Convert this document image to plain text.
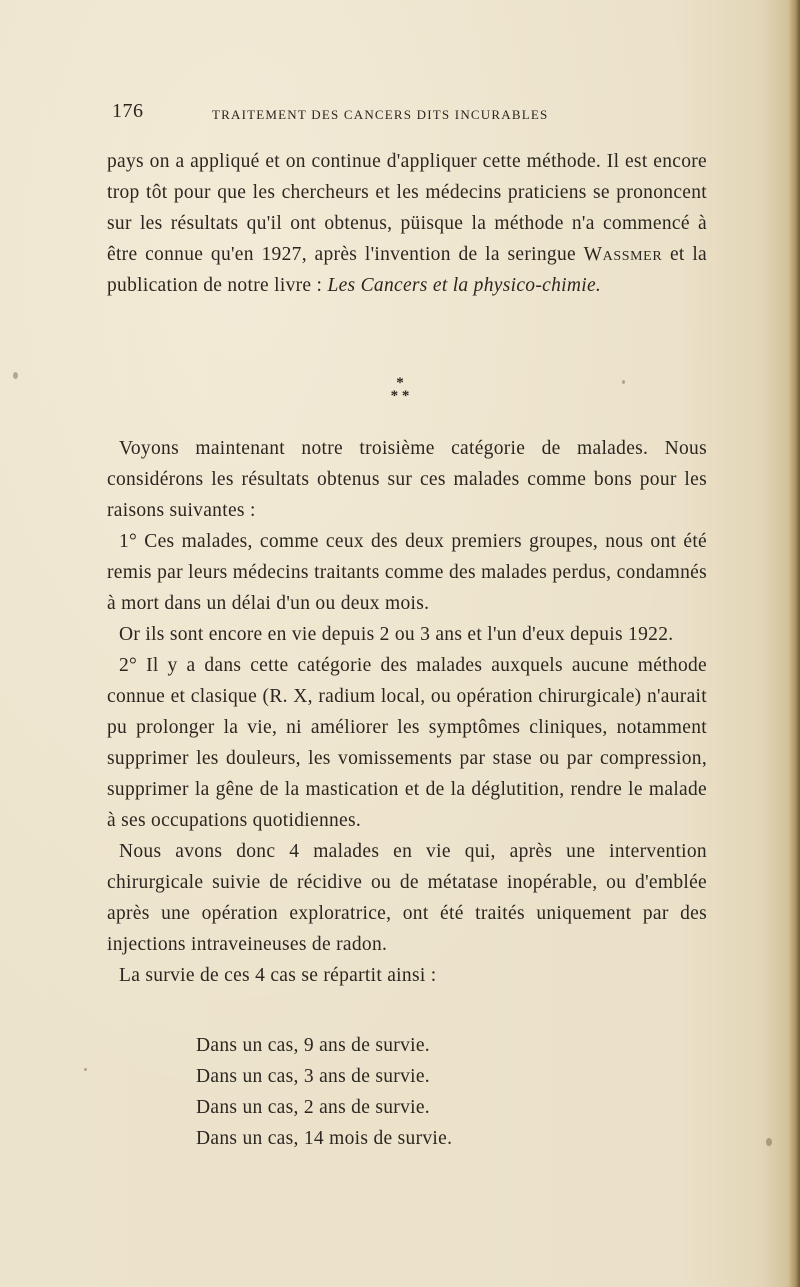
176	TRAITEMENT DES CANCERS DITS INCURABLES

pays on a appliqué et on continue d'appliquer cette méthode. Il est encore trop tôt pour que les chercheurs et les médecins praticiens se prononcent sur les résultats qu'il ont obtenus, püisque la méthode n'a commencé à être connue qu'en 1927, après l'invention de la seringue Wassmer et la publication de notre livre : Les Cancers et la physico-chimie.

*
* *

Voyons maintenant notre troisième catégorie de malades. Nous considérons les résultats obtenus sur ces malades comme bons pour les raisons suivantes :

1° Ces malades, comme ceux des deux premiers groupes, nous ont été remis par leurs médecins traitants comme des malades perdus, condamnés à mort dans un délai d'un ou deux mois.

Or ils sont encore en vie depuis 2 ou 3 ans et l'un d'eux depuis 1922.

2° Il y a dans cette catégorie des malades auxquels aucune méthode connue et clasique (R. X, radium local, ou opération chirurgicale) n'aurait pu prolonger la vie, ni améliorer les symptômes cliniques, notamment supprimer les douleurs, les vomissements par stase ou par compression, supprimer la gêne de la mastication et de la déglutition, rendre le malade à ses occupations quotidiennes.

Nous avons donc 4 malades en vie qui, après une intervention chirurgicale suivie de récidive ou de métatase inopérable, ou d'emblée après une opération exploratrice, ont été traités uniquement par des injections intraveineuses de radon.

La survie de ces 4 cas se répartit ainsi :

Dans un cas, 9 ans de survie.
Dans un cas, 3 ans de survie.
Dans un cas, 2 ans de survie.
Dans un cas, 14 mois de survie.
